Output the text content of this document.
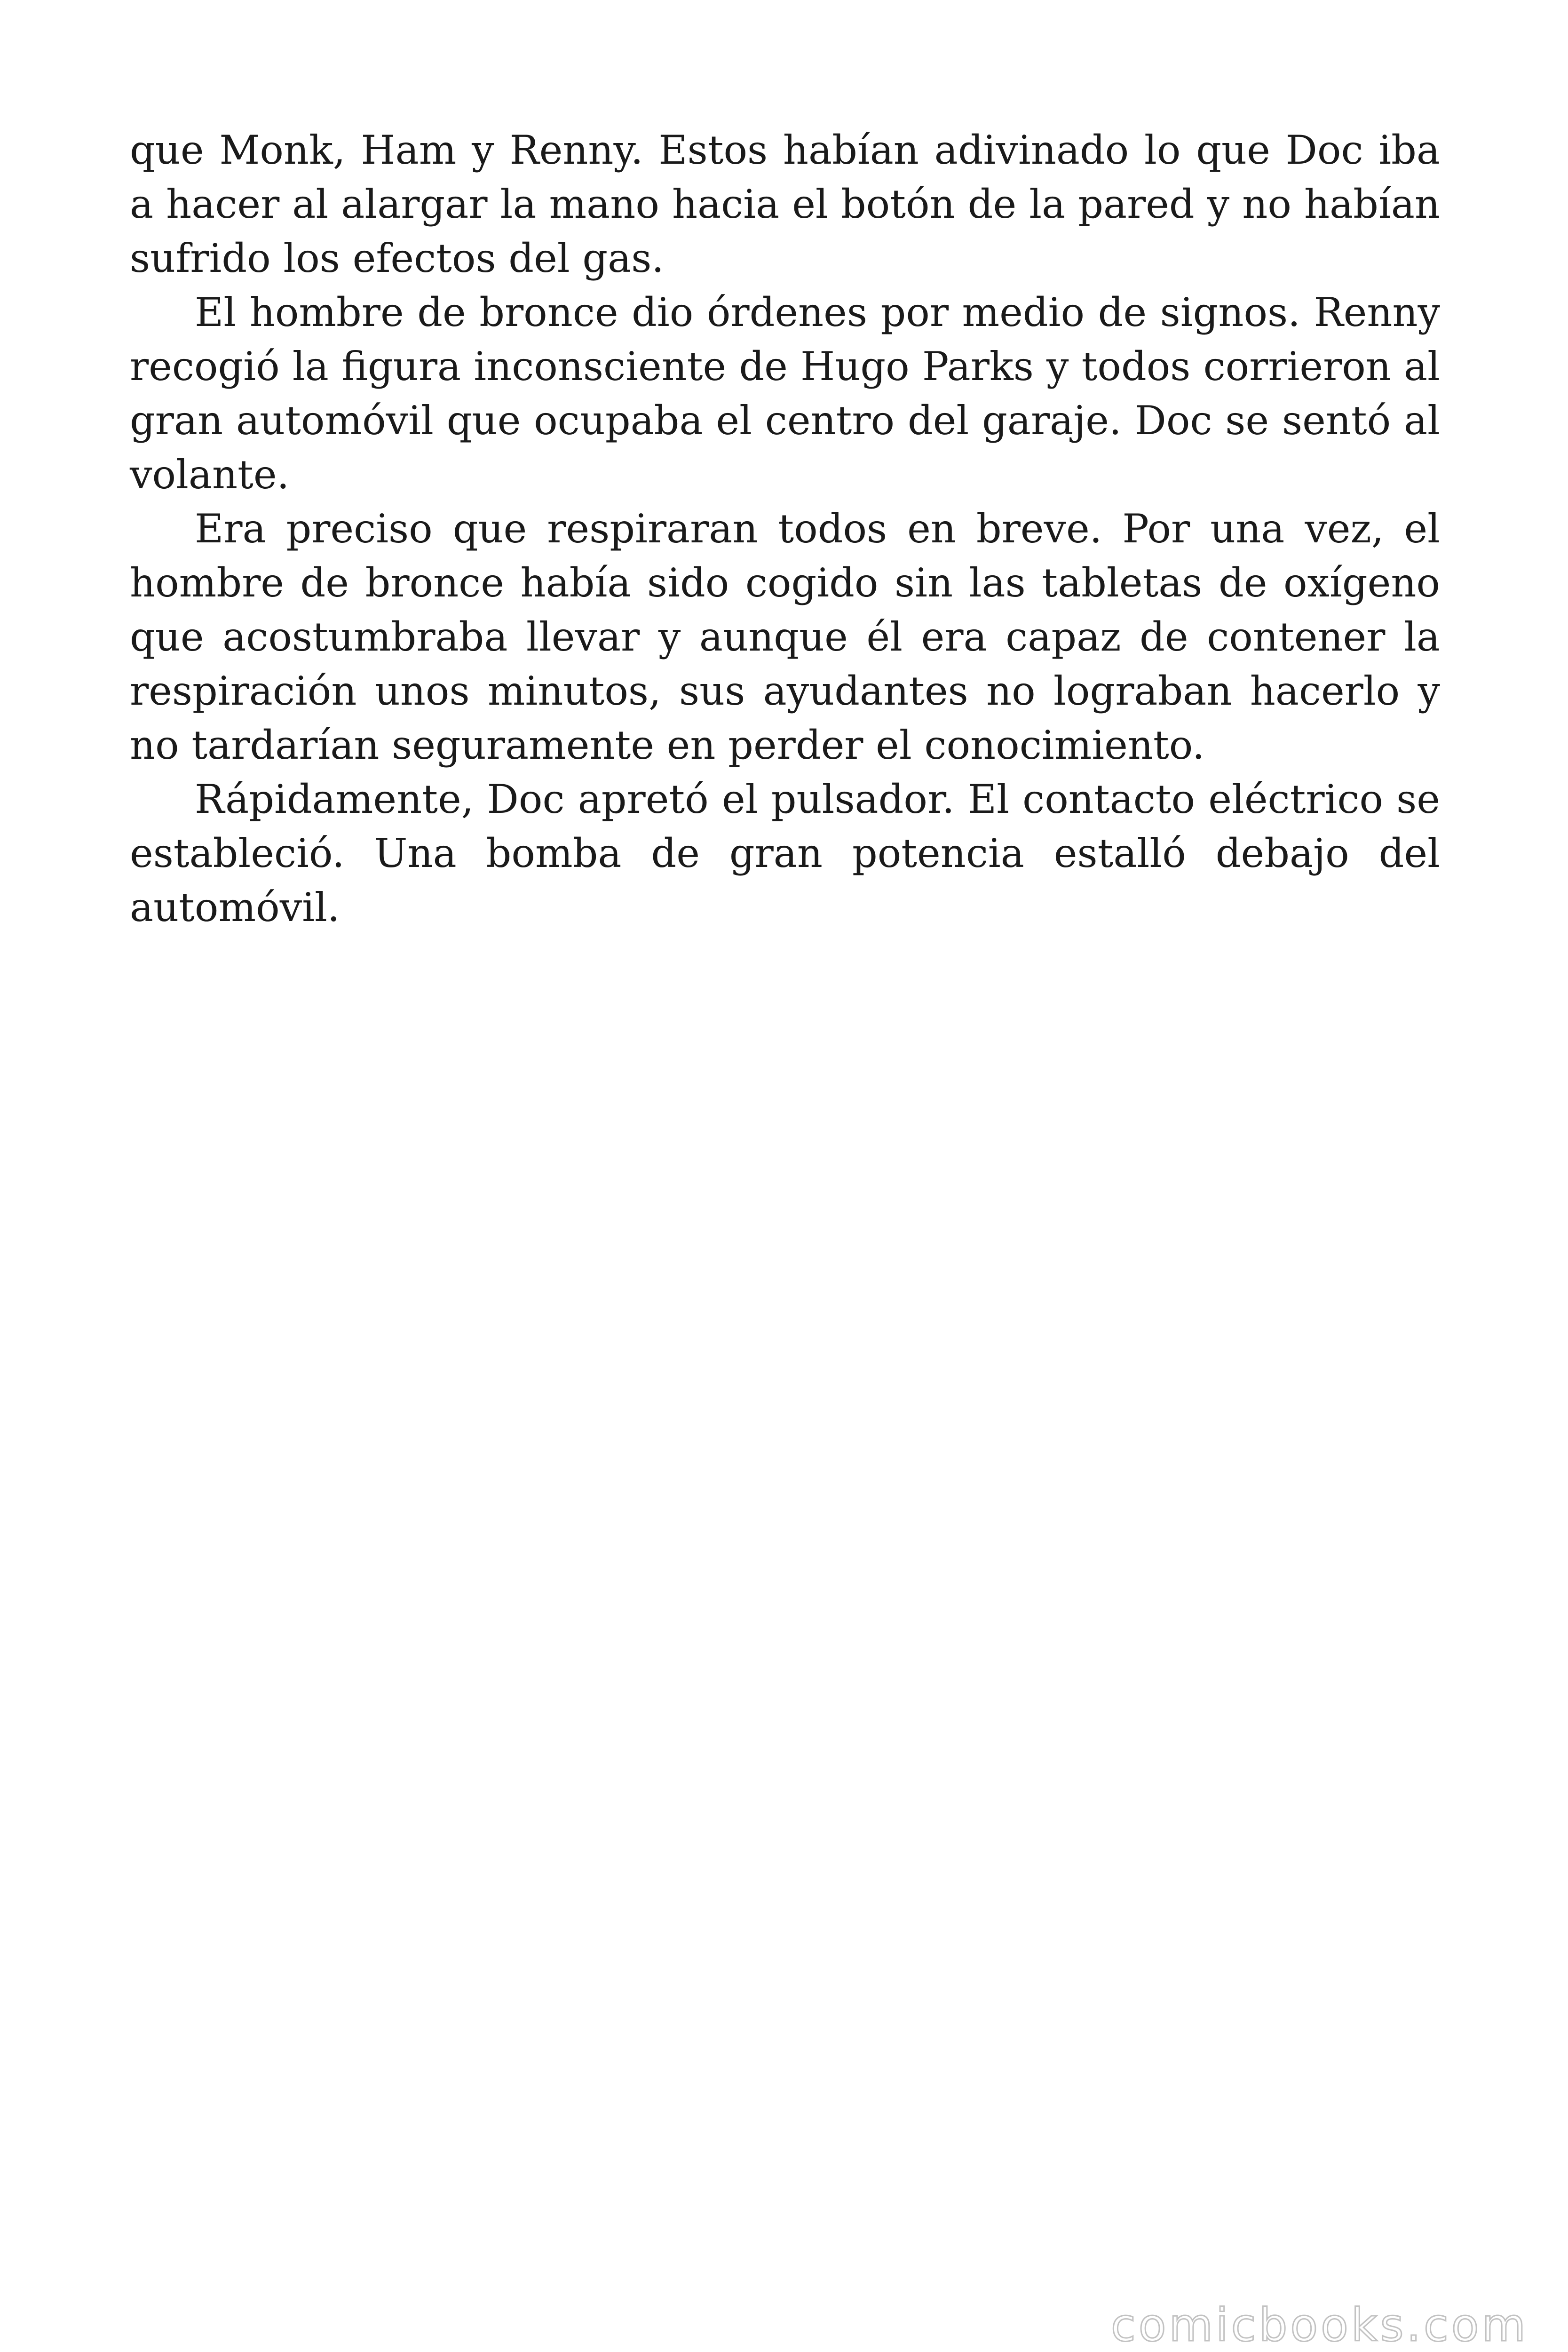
que Monk, Ham y Renny. Estos habían adivinado lo que Doc iba a hacer al alargar la mano hacia el botón de la pared y no habían sufrido los efectos del gas.

El hombre de bronce dio órdenes por medio de signos. Renny recogió la figura inconsciente de Hugo Parks y todos corrieron al gran automóvil que ocupaba el centro del garaje. Doc se sentó al volante.

Era preciso que respiraran todos en breve. Por una vez, el hombre de bronce había sido cogido sin las tabletas de oxígeno que acostumbraba llevar y aunque él era capaz de contener la respiración unos minutos, sus ayudantes no lograban hacerlo y no tardarían seguramente en perder el conocimiento.

Rápidamente, Doc apretó el pulsador. El contacto eléctrico se estableció. Una bomba de gran potencia estalló debajo del automóvil.

comicbooks.com
